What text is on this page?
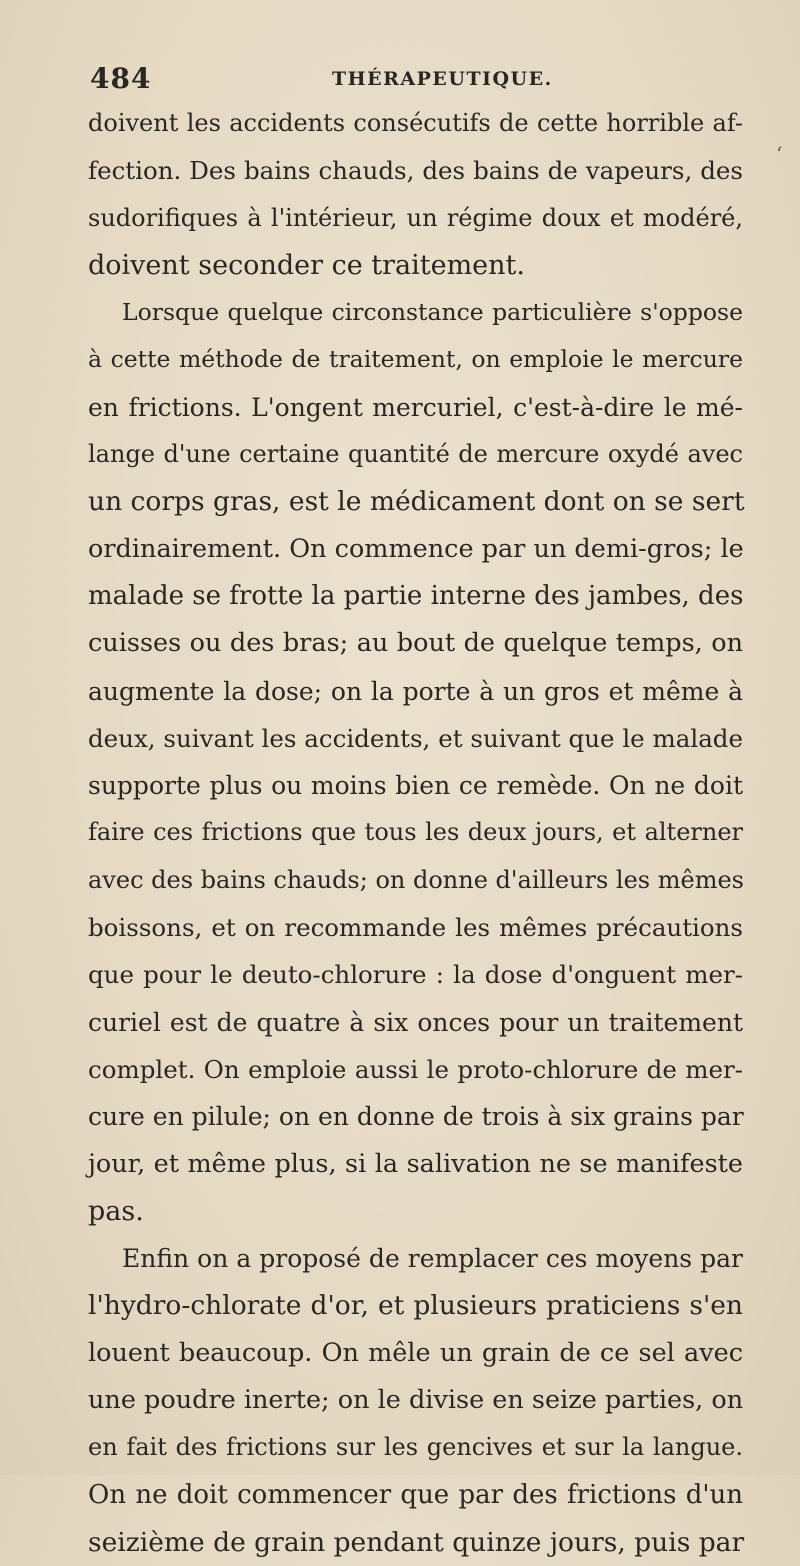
484	THÉRAPEUTIQUE.
ʻ
doivent les accidents consécutifs de cette horrible af-
fection. Des bains chauds, des bains de vapeurs, des
sudorifiques à l'intérieur, un régime doux et modéré,
doivent seconder ce traitement.
Lorsque quelque circonstance particulière s'oppose
à cette méthode de traitement, on emploie le mercure
en frictions. L'ongent mercuriel, c'est-à-dire le mé-
lange d'une certaine quantité de mercure oxydé avec
un corps gras, est le médicament dont on se sert
ordinairement. On commence par un demi-gros; le
malade se frotte la partie interne des jambes, des
cuisses ou des bras; au bout de quelque temps, on
augmente la dose; on la porte à un gros et même à
deux, suivant les accidents, et suivant que le malade
supporte plus ou moins bien ce remède. On ne doit
faire ces frictions que tous les deux jours, et alterner
avec des bains chauds; on donne d'ailleurs les mêmes
boissons, et on recommande les mêmes précautions
que pour le deuto-chlorure : la dose d'onguent mer-
curiel est de quatre à six onces pour un traitement
complet. On emploie aussi le proto-chlorure de mer-
cure en pilule; on en donne de trois à six grains par
jour, et même plus, si la salivation ne se manifeste
pas.
Enfin on a proposé de remplacer ces moyens par
l'hydro-chlorate d'or, et plusieurs praticiens s'en
louent beaucoup. On mêle un grain de ce sel avec
une poudre inerte; on le divise en seize parties, on
en fait des frictions sur les gencives et sur la langue.
On ne doit commencer que par des frictions d'un
seizième de grain pendant quinze jours, puis par
